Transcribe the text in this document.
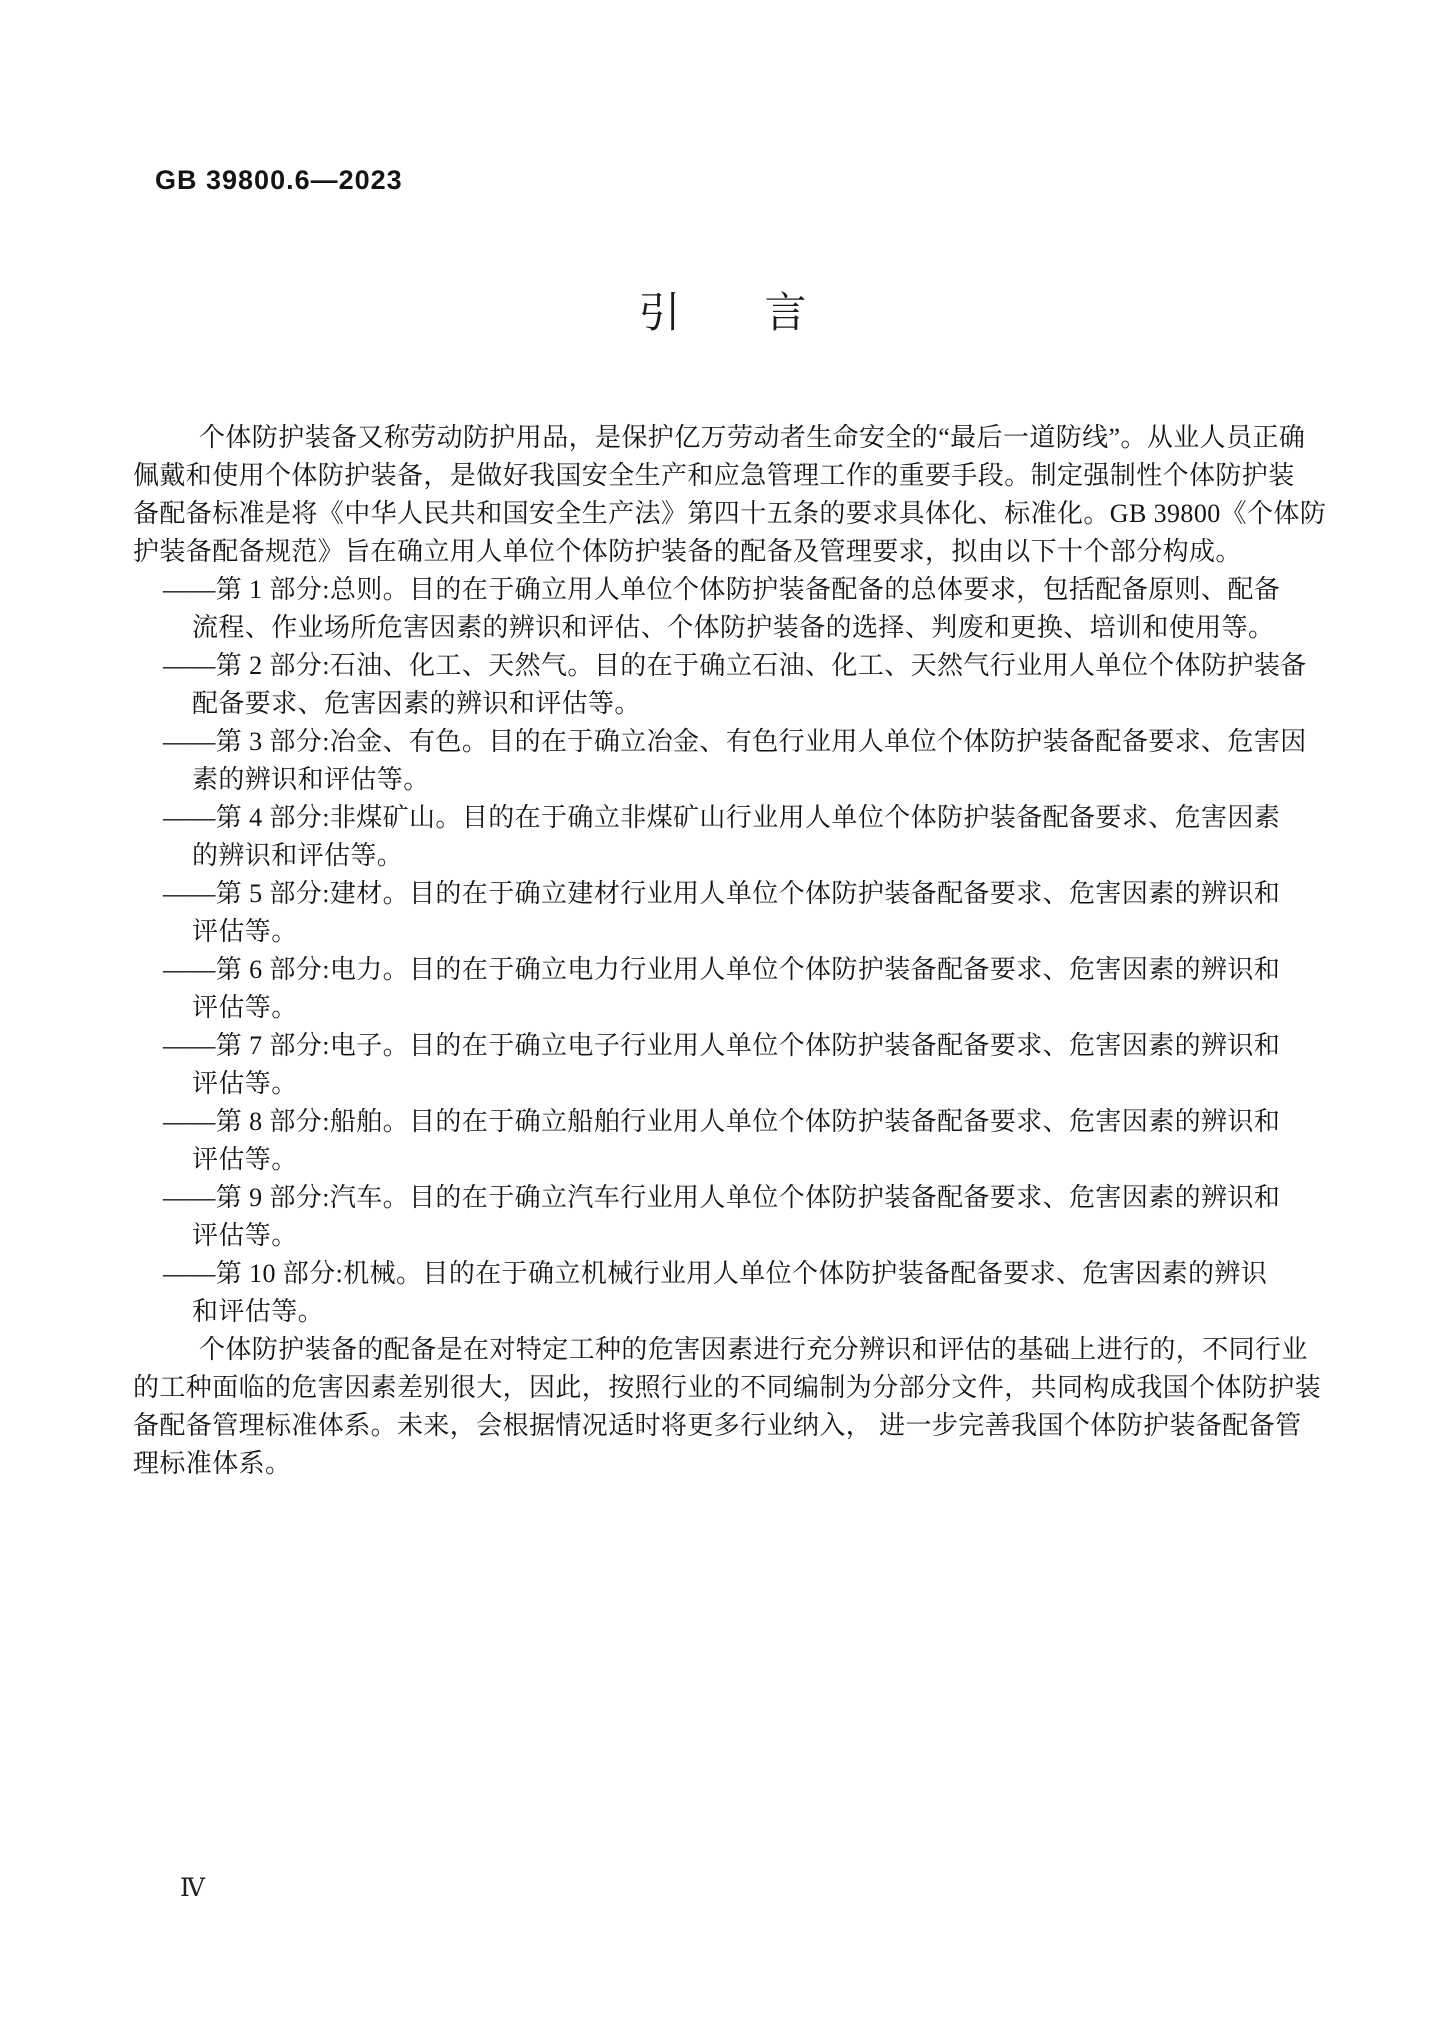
GB 39800.6—2023
引　　言
个体防护装备又称劳动防护用品，是保护亿万劳动者生命安全的“最后一道防线”。从业人员正确
佩戴和使用个体防护装备，是做好我国安全生产和应急管理工作的重要手段。制定强制性个体防护装
备配备标准是将《中华人民共和国安全生产法》第四十五条的要求具体化、标准化。GB 39800《个体防
护装备配备规范》旨在确立用人单位个体防护装备的配备及管理要求，拟由以下十个部分构成。
——第 1 部分:总则。目的在于确立用人单位个体防护装备配备的总体要求，包括配备原则、配备
流程、作业场所危害因素的辨识和评估、个体防护装备的选择、判废和更换、培训和使用等。
——第 2 部分:石油、化工、天然气。目的在于确立石油、化工、天然气行业用人单位个体防护装备
配备要求、危害因素的辨识和评估等。
——第 3 部分:冶金、有色。目的在于确立冶金、有色行业用人单位个体防护装备配备要求、危害因
素的辨识和评估等。
——第 4 部分:非煤矿山。目的在于确立非煤矿山行业用人单位个体防护装备配备要求、危害因素
的辨识和评估等。
——第 5 部分:建材。目的在于确立建材行业用人单位个体防护装备配备要求、危害因素的辨识和
评估等。
——第 6 部分:电力。目的在于确立电力行业用人单位个体防护装备配备要求、危害因素的辨识和
评估等。
——第 7 部分:电子。目的在于确立电子行业用人单位个体防护装备配备要求、危害因素的辨识和
评估等。
——第 8 部分:船舶。目的在于确立船舶行业用人单位个体防护装备配备要求、危害因素的辨识和
评估等。
——第 9 部分:汽车。目的在于确立汽车行业用人单位个体防护装备配备要求、危害因素的辨识和
评估等。
——第 10 部分:机械。目的在于确立机械行业用人单位个体防护装备配备要求、危害因素的辨识
和评估等。
个体防护装备的配备是在对特定工种的危害因素进行充分辨识和评估的基础上进行的，不同行业
的工种面临的危害因素差别很大，因此，按照行业的不同编制为分部分文件，共同构成我国个体防护装
备配备管理标准体系。未来，会根据情况适时将更多行业纳入， 进一步完善我国个体防护装备配备管
理标准体系。
Ⅳ
